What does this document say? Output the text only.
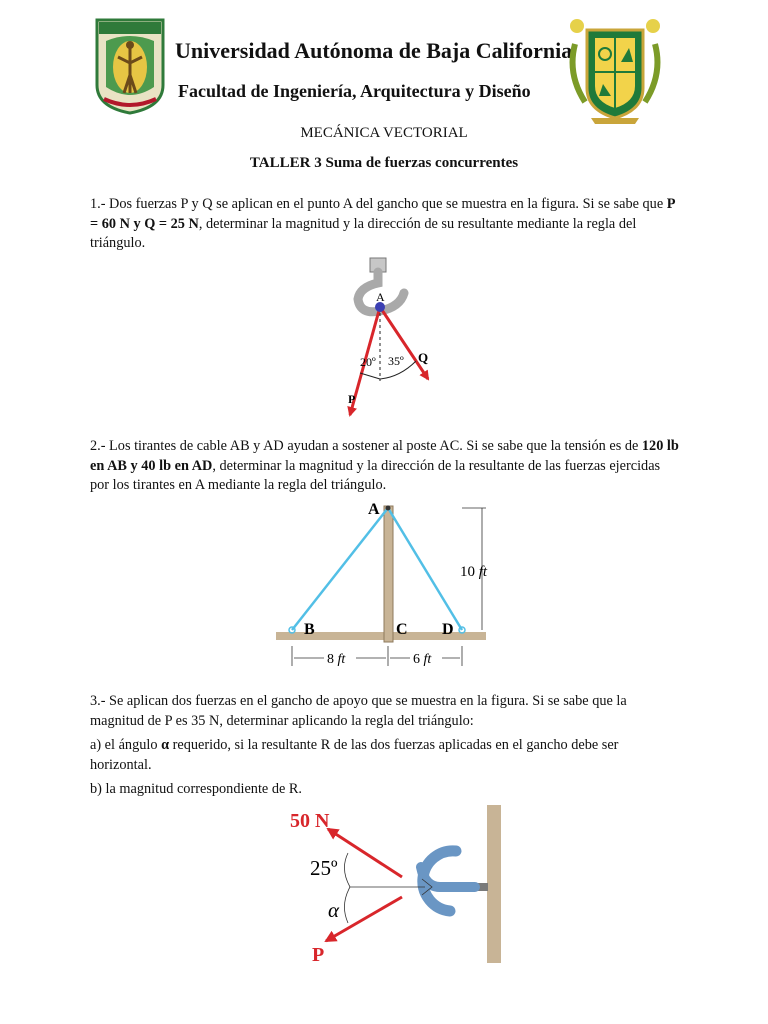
Universidad Autónoma de Baja California
Facultad de Ingeniería, Arquitectura y Diseño
MECÁNICA VECTORIAL
TALLER 3 Suma de fuerzas concurrentes
1.- Dos fuerzas P y Q se aplican en el punto A del gancho que se muestra en la figura. Si se sabe que P = 60 N y Q = 25 N, determinar la magnitud y la dirección de su resultante mediante la regla del triángulo.
A
20º 35º Q
P
2.- Los tirantes de cable AB y AD ayudan a sostener al poste AC. Si se sabe que la tensión es de 120 lb en AB y 40 lb en AD, determinar la magnitud y la dirección de la resultante de las fuerzas ejercidas por los tirantes en A mediante la regla del triángulo.
A
B	C D
10 ft
8 ft	6 ft
3.- Se aplican dos fuerzas en el gancho de apoyo que se muestra en la figura. Si se sabe que la magnitud de P es 35 N, determinar aplicando la regla del triángulo:
a) el ángulo α requerido, si la resultante R de las dos fuerzas aplicadas en el gancho debe ser horizontal.
b) la magnitud correspondiente de R.
50 N
25º
α
P
